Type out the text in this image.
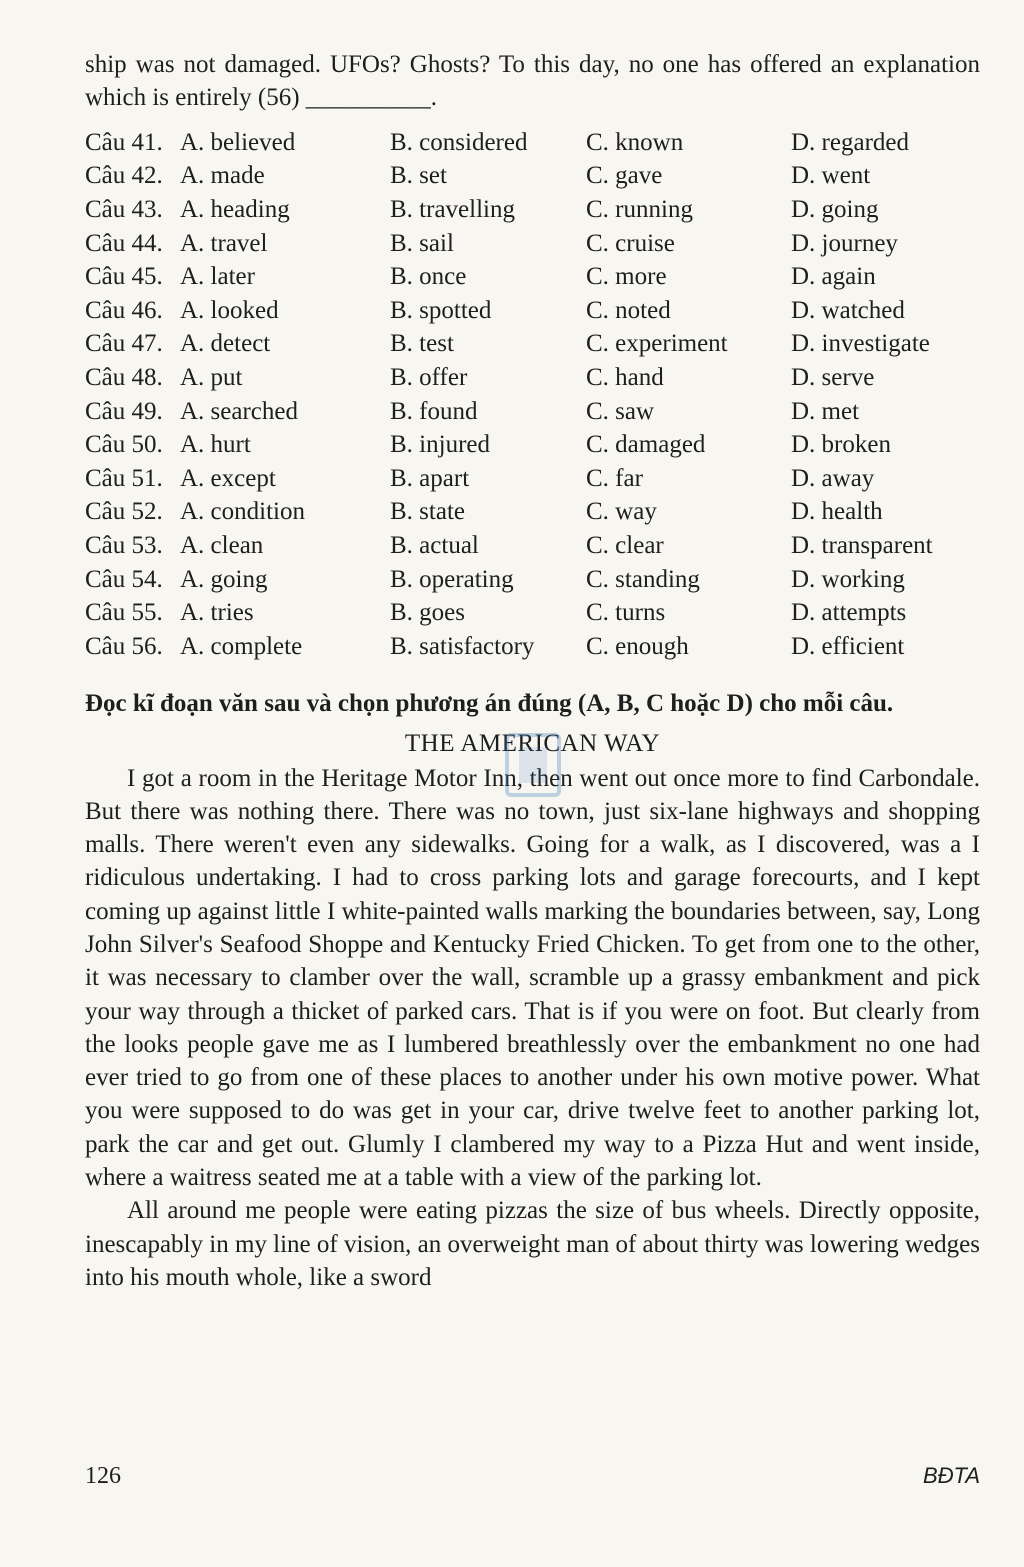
ship was not damaged. UFOs? Ghosts? To this day, no one has offered an explanation which is entirely (56) __________.

Câu 41. A. believed	B. considered	C. known	D. regarded
Câu 42. A. made	B. set	C. gave	D. went
Câu 43. A. heading	B. travelling	C. running	D. going
Câu 44. A. travel	B. sail	C. cruise	D. journey
Câu 45. A. later	B. once	C. more	D. again
Câu 46. A. looked	B. spotted	C. noted	D. watched
Câu 47. A. detect	B. test	C. experiment	D. investigate
Câu 48. A. put	B. offer	C. hand	D. serve
Câu 49. A. searched	B. found	C. saw	D. met
Câu 50. A. hurt	B. injured	C. damaged	D. broken
Câu 51. A. except	B. apart	C. far	D. away
Câu 52. A. condition	B. state	C. way	D. health
Câu 53. A. clean	B. actual	C. clear	D. transparent
Câu 54. A. going	B. operating	C. standing	D. working
Câu 55. A. tries	B. goes	C. turns	D. attempts
Câu 56. A. complete	B. satisfactory	C. enough	D. efficient
Đọc kĩ đoạn văn sau và chọn phương án đúng (A, B, C hoặc D) cho mỗi câu.
THE AMERICAN WAY

I got a room in the Heritage Motor Inn, then went out once more to find Carbondale. But there was nothing there. There was no town, just six-lane highways and shopping malls. There weren't even any sidewalks. Going for a walk, as I discovered, was a I ridiculous undertaking. I had to cross parking lots and garage forecourts, and I kept coming up against little I white-painted walls marking the boundaries between, say, Long John Silver's Seafood Shoppe and Kentucky Fried Chicken. To get from one to the other, it was necessary to clamber over the wall, scramble up a grassy embankment and pick your way through a thicket of parked cars. That is if you were on foot. But clearly from the looks people gave me as I lumbered breathlessly over the embankment no one had ever tried to go from one of these places to another under his own motive power. What you were supposed to do was get in your car, drive twelve feet to another parking lot, park the car and get out. Glumly I clambered my way to a Pizza Hut and went inside, where a waitress seated me at a table with a view of the parking lot.

All around me people were eating pizzas the size of bus wheels. Directly opposite, inescapably in my line of vision, an overweight man of about thirty was lowering wedges into his mouth whole, like a sword

126	BĐTA
